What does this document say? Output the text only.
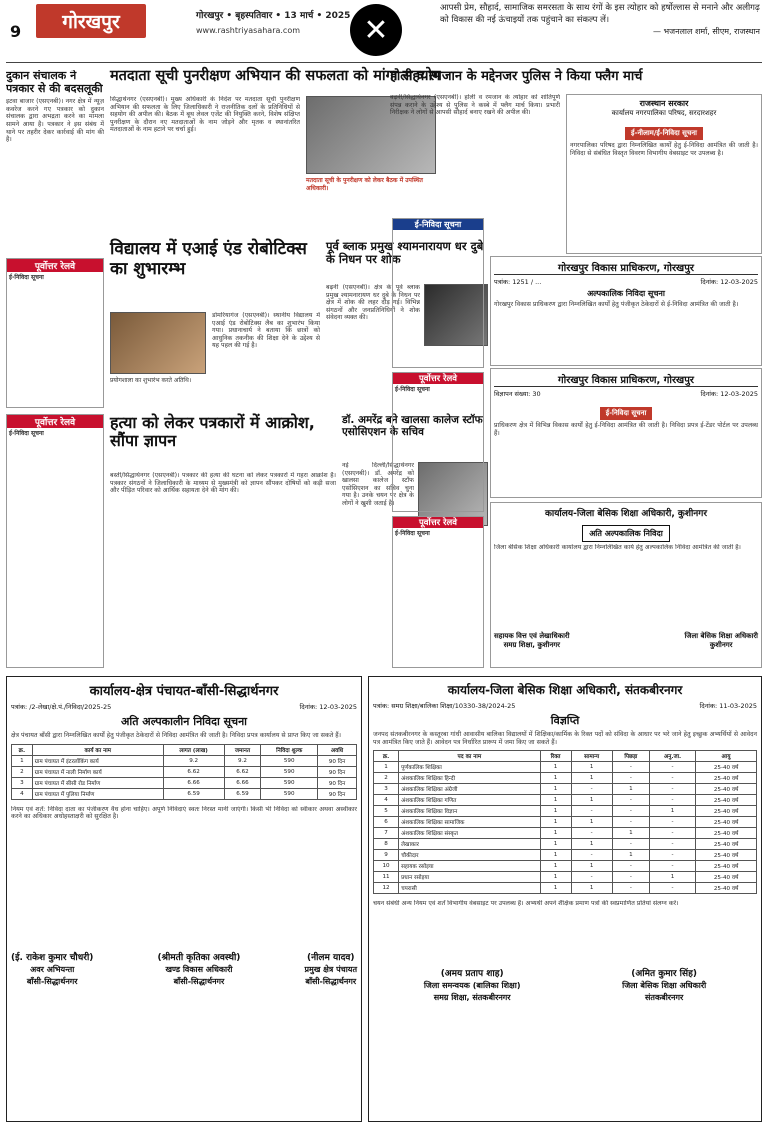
9	गोरखपुर	गोरखपुर • बृहस्पतिवार • 13 मार्च • 2025
www.rashtriyasahara.com	✕
आपसी प्रेम, सौहार्द, सामाजिक समरसता के साथ रंगों के इस त्योहार को हर्षोल्लास से मनाने और अलीगढ़ को विकास की नई ऊंचाइयों तक पहुंचाने का संकल्प लें।
— भजनलाल शर्मा, सीएम, राजस्थान
दुकान संचालक ने पत्रकार से की बदसलूकी
इटवा बाजार (एसएनबी)। नगर क्षेत्र में न्यूज़ कवरेज करने गए पत्रकार को दुकान संचालक द्वारा अभद्रता करने का मामला सामने आया है। पत्रकार ने इस संबंध में थाने पर तहरीर देकर कार्रवाई की मांग की है।
पूर्वोत्तर रेलवे
ई-निविदा सूचना
पूर्वोत्तर रेलवे
ई-निविदा सूचना
मतदाता सूची पुनरीक्षण अभियान की सफलता को मांगा सहयोग
सिद्धार्थनगर (एसएनबी)। मुख्य अधिकारी के निर्देश पर मतदाता सूची पुनरीक्षण अभियान की सफलता के लिए जिलाधिकारी ने राजनीतिक दलों के प्रतिनिधियों से सहयोग की अपील की। बैठक में बूथ लेवल एजेंट की नियुक्ति करने, विशेष संक्षिप्त पुनरीक्षण के दौरान नए मतदाताओं के नाम जोड़ने और मृतक व स्थानांतरित मतदाताओं के नाम हटाने पर चर्चा हुई।
मतदाता सूची के पुनरीक्षण को लेकर बैठक में उपस्थित अधिकारी।

विद्यालय में एआई एंड रोबोटिक्स का शुभारम्भ
प्रयोगशाला का शुभारंभ करते अतिथि।
डोमरियागंज (एसएनबी)। स्थानीय विद्यालय में एआई एंड रोबोटिक्स लैब का शुभारंभ किया गया। प्रधानाचार्य ने बताया कि छात्रों को आधुनिक तकनीक की शिक्षा देने के उद्देश्य से यह पहल की गई है।
पूर्व ब्लाक प्रमुख श्यामनारायण धर दुबे के निधन पर शोक
बढ़नी (एसएनबी)। क्षेत्र के पूर्व ब्लाक प्रमुख श्यामनारायण धर दुबे के निधन पर क्षेत्र में शोक की लहर दौड़ गई। विभिन्न संगठनों और जनप्रतिनिधियों ने शोक संवेदना व्यक्त की।
हत्या को लेकर पत्रकारों में आक्रोश, सौंपा ज्ञापन
बस्ती/सिद्धार्थनगर (एसएनबी)। पत्रकार की हत्या की घटना को लेकर पत्रकारों में गहरा आक्रोश है। पत्रकार संगठनों ने जिलाधिकारी के माध्यम से मुख्यमंत्री को ज्ञापन सौंपकर दोषियों को कड़ी सजा और पीड़ित परिवार को आर्थिक सहायता देने की मांग की।
डॉ. अमरेंद्र बने खालसा कालेज स्टॉफ एसोसिएशन के सचिव
नई दिल्ली/सिद्धार्थनगर (एसएनबी)। डॉ. अमरेंद्र को खालसा कालेज स्टॉफ एसोसिएशन का सचिव चुना गया है। उनके चयन पर क्षेत्र के लोगों ने खुशी जताई है।
होली व रमजान के मद्देनजर पुलिस ने किया फ्लैग मार्च
बढ़नी/सिद्धार्थनगर (एसएनबी)। होली व रमजान के त्योहार को शांतिपूर्ण संपन्न कराने के उद्देश्य से पुलिस ने कस्बे में फ्लैग मार्च किया। प्रभारी निरीक्षक ने लोगों से आपसी सौहार्द बनाए रखने की अपील की।
ई-निविदा सूचना
पूर्वोत्तर रेलवे
ई-निविदा सूचना
पूर्वोत्तर रेलवे
ई-निविदा सूचना
राजस्थान सरकार
कार्यालय नगरपालिका परिषद, सरदारशहर
ई-नीलाम/ई-निविदा सूचना
नगरपालिका परिषद द्वारा निम्नलिखित कार्यों हेतु ई-निविदा आमंत्रित की जाती है। निविदा से संबंधित विस्तृत विवरण विभागीय वेबसाइट पर उपलब्ध है।
गोरखपुर विकास प्राधिकरण, गोरखपुर
पत्रांक: 1251 / ...	दिनांक: 12-03-2025
अल्पकालिक निविदा सूचना
गोरखपुर विकास प्राधिकरण द्वारा निम्नलिखित कार्यों हेतु पंजीकृत ठेकेदारों से ई-निविदा आमंत्रित की जाती है।
गोरखपुर विकास प्राधिकरण, गोरखपुर
विज्ञापन संख्या: 30	दिनांक: 12-03-2025
ई-निविदा सूचना
प्राधिकरण क्षेत्र में विभिन्न विकास कार्यों हेतु ई-निविदा आमंत्रित की जाती है। निविदा प्रपत्र ई-टेंडर पोर्टल पर उपलब्ध हैं।
कार्यालय-जिला बेसिक शिक्षा अधिकारी, कुशीनगर
अति अल्पकालिक निविदा
जिला बेसिक शिक्षा अधिकारी कार्यालय द्वारा निम्नलिखित कार्य हेतु अल्पकालिक निविदा आमंत्रित की जाती है।
सहायक वित्त एवं लेखाधिकारी
समग्र शिक्षा, कुशीनगर
जिला बेसिक शिक्षा अधिकारी
कुशीनगर
कार्यालय-क्षेत्र पंचायत-बाँसी-सिद्धार्थनगर
पत्रांक: /2-लेखा/क्षे.पं./निविदा/2025-25	दिनांक: 12-03-2025
अति अल्पकालीन निविदा सूचना
क्षेत्र पंचायत बाँसी द्वारा निम्नलिखित कार्यों हेतु पंजीकृत ठेकेदारों से निविदा आमंत्रित की जाती है। निविदा प्रपत्र कार्यालय से प्राप्त किए जा सकते हैं।
क्र.	कार्य का नाम	लागत (लाख)	जमानत	निविदा शुल्क	अवधि
1	ग्राम पंचायत में इंटरलॉकिंग कार्य	9.2	9.2	590	90 दिन
2	ग्राम पंचायत में नाली निर्माण कार्य	6.62	6.62	590	90 दिन
3	ग्राम पंचायत में सीसी रोड निर्माण	6.66	6.66	590	90 दिन
4	ग्राम पंचायत में पुलिया निर्माण	6.59	6.59	590	90 दिन
नियम एवं शर्तें: निविदा दाता का पंजीकरण वैध होना चाहिए। अपूर्ण निविदाएं स्वतः निरस्त मानी जाएंगी। किसी भी निविदा को स्वीकार अथवा अस्वीकार करने का अधिकार अधोहस्ताक्षरी को सुरक्षित है।
(ई. राकेश कुमार चौधरी)
अवर अभियन्ता
बाँसी-सिद्धार्थनगर
(श्रीमती कृतिका अवस्थी)
खण्ड विकास अधिकारी
बाँसी-सिद्धार्थनगर
(नीलम यादव)
प्रमुख क्षेत्र पंचायत
बाँसी-सिद्धार्थनगर
कार्यालय-जिला बेसिक शिक्षा अधिकारी, संतकबीरनगर
पत्रांक: समग्र शिक्षा/बालिका शिक्षा/10330-38/2024-25	दिनांक: 11-03-2025
विज्ञप्ति
जनपद संतकबीरनगर के कस्तूरबा गांधी आवासीय बालिका विद्यालयों में शिक्षिका/कार्मिक के रिक्त पदों को संविदा के आधार पर भरे जाने हेतु इच्छुक अभ्यर्थियों से आवेदन पत्र आमंत्रित किए जाते हैं। आवेदन पत्र निर्धारित प्रारूप में जमा किए जा सकते हैं।
क्र.	पद का नाम	रिक्त	सामान्य	पिछड़ा	अनु.जा.	आयु
1	पूर्णकालिक शिक्षिका	1	1	-	-	25-40 वर्ष
2	अंशकालिक शिक्षिका हिन्दी	1	1	-	-	25-40 वर्ष
3	अंशकालिक शिक्षिका अंग्रेजी	1	-	1	-	25-40 वर्ष
4	अंशकालिक शिक्षिका गणित	1	1	-	-	25-40 वर्ष
5	अंशकालिक शिक्षिका विज्ञान	1	-	-	1	25-40 वर्ष
6	अंशकालिक शिक्षिका सामाजिक	1	1	-	-	25-40 वर्ष
7	अंशकालिक शिक्षिका संस्कृत	1	-	1	-	25-40 वर्ष
8	लेखाकार	1	1	-	-	25-40 वर्ष
9	चौकीदार	1	-	1	-	25-40 वर्ष
10	सहायक रसोइया	1	1	-	-	25-40 वर्ष
11	प्रधान रसोइया	1	-	-	1	25-40 वर्ष
12	चपरासी	1	1	-	-	25-40 वर्ष
चयन संबंधी अन्य नियम एवं शर्तें विभागीय वेबसाइट पर उपलब्ध हैं। अभ्यर्थी अपने शैक्षिक प्रमाण पत्रों की स्वप्रमाणित प्रतियां संलग्न करें।
(अमय प्रताप शाह)
जिला समन्वयक (बालिका शिक्षा)
समग्र शिक्षा, संतकबीरनगर
(अमित कुमार सिंह)
जिला बेसिक शिक्षा अधिकारी
संतकबीरनगर
